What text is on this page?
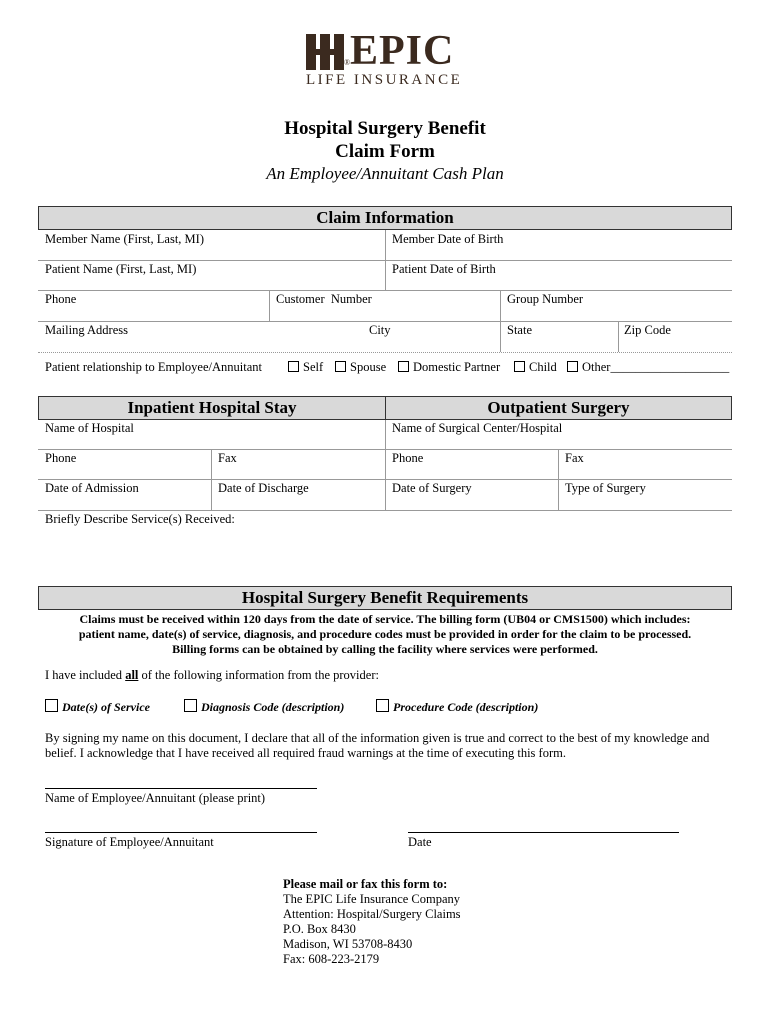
EPIC
®
LIFE INSURANCE
Hospital Surgery Benefit
Claim Form
An Employee/Annuitant Cash Plan
Claim Information
Member Name (First, Last, MI)	Member Date of Birth
Patient Name (First, Last, MI)	Patient Date of Birth
Phone	Customer  Number	Group Number
Mailing Address	City	State	Zip Code
Patient relationship to Employee/Annuitant	Self	Spouse	Domestic Partner	Child	Other___________________
Inpatient Hospital Stay	Outpatient Surgery
Name of Hospital	Name of Surgical Center/Hospital
Phone	Fax	Phone	Fax
Date of Admission	Date of Discharge	Date of Surgery	Type of Surgery
Briefly Describe Service(s) Received:
Hospital Surgery Benefit Requirements
Claims must be received within 120 days from the date of service. The billing form (UB04 or CMS1500) which includes:
patient name, date(s) of service, diagnosis, and procedure codes must be provided in order for the claim to be processed.
Billing forms can be obtained by calling the facility where services were performed.
I have included all of the following information from the provider:
Date(s) of Service	Diagnosis Code (description)	Procedure Code (description)
By signing my name on this document, I declare that all of the information given is true and correct to the best of my knowledge and
belief. I acknowledge that I have received all required fraud warnings at the time of executing this form.
Name of Employee/Annuitant (please print)
Signature of Employee/Annuitant	Date
Please mail or fax this form to:
The EPIC Life Insurance Company
Attention: Hospital/Surgery Claims
P.O. Box 8430
Madison, WI 53708-8430
Fax: 608-223-2179
